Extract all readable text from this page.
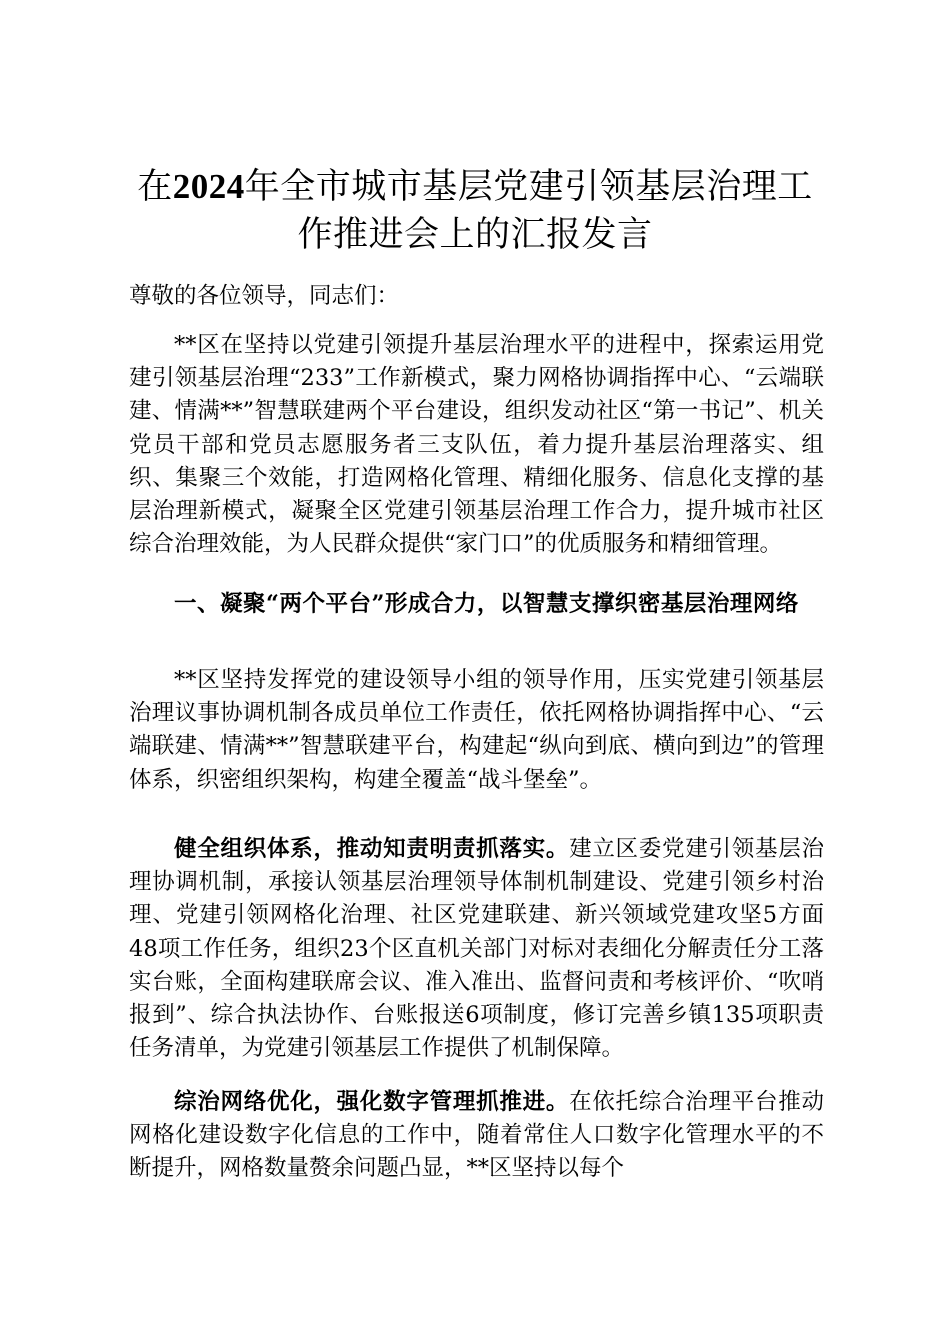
在2024年全市城市基层党建引领基层治理工作推进会上的汇报发言

尊敬的各位领导，同志们：

**区在坚持以党建引领提升基层治理水平的进程中，探索运用党建引领基层治理“233”工作新模式，聚力网格协调指挥中心、“云端联建、情满**”智慧联建两个平台建设，组织发动社区“第一书记”、机关党员干部和党员志愿服务者三支队伍，着力提升基层治理落实、组织、集聚三个效能，打造网格化管理、精细化服务、信息化支撑的基层治理新模式，凝聚全区党建引领基层治理工作合力，提升城市社区综合治理效能，为人民群众提供“家门口”的优质服务和精细管理。

一、凝聚“两个平台”形成合力，以智慧支撑织密基层治理网络

**区坚持发挥党的建设领导小组的领导作用，压实党建引领基层治理议事协调机制各成员单位工作责任，依托网格协调指挥中心、“云端联建、情满**”智慧联建平台，构建起“纵向到底、横向到边”的管理体系，织密组织架构，构建全覆盖“战斗堡垒”。

健全组织体系，推动知责明责抓落实。建立区委党建引领基层治理协调机制，承接认领基层治理领导体制机制建设、党建引领乡村治理、党建引领网格化治理、社区党建联建、新兴领域党建攻坚5方面48项工作任务，组织23个区直机关部门对标对表细化分解责任分工落实台账，全面构建联席会议、准入准出、监督问责和考核评价、“吹哨报到”、综合执法协作、台账报送6项制度，修订完善乡镇135项职责任务清单，为党建引领基层工作提供了机制保障。

综治网络优化，强化数字管理抓推进。在依托综合治理平台推动网格化建设数字化信息的工作中，随着常住人口数字化管理水平的不断提升，网格数量赘余问题凸显，**区坚持以每个
